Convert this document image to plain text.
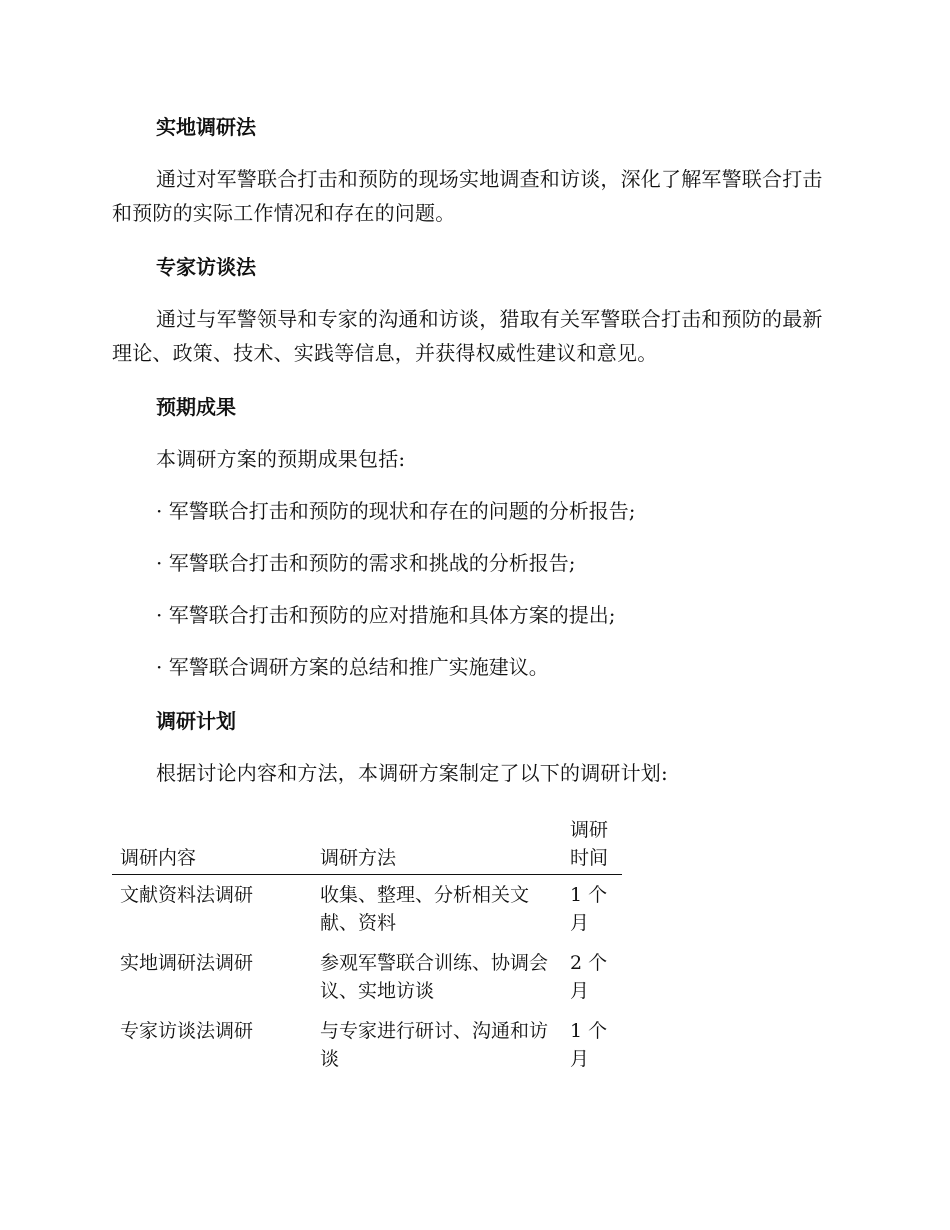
实地调研法

通过对军警联合打击和预防的现场实地调查和访谈，深化了解军警联合打击和预防的实际工作情况和存在的问题。

专家访谈法

通过与军警领导和专家的沟通和访谈，猎取有关军警联合打击和预防的最新理论、政策、技术、实践等信息，并获得权威性建议和意见。

预期成果

本调研方案的预期成果包括:

· 军警联合打击和预防的现状和存在的问题的分析报告;

· 军警联合打击和预防的需求和挑战的分析报告;

· 军警联合打击和预防的应对措施和具体方案的提出;

· 军警联合调研方案的总结和推广实施建议。

调研计划

根据讨论内容和方法，本调研方案制定了以下的调研计划:

调研内容	调研方法	调研时间
文献资料法调研	收集、整理、分析相关文献、资料	1 个月
实地调研法调研	参观军警联合训练、协调会议、实地访谈	2 个月
专家访谈法调研	与专家进行研讨、沟通和访谈	1 个月
